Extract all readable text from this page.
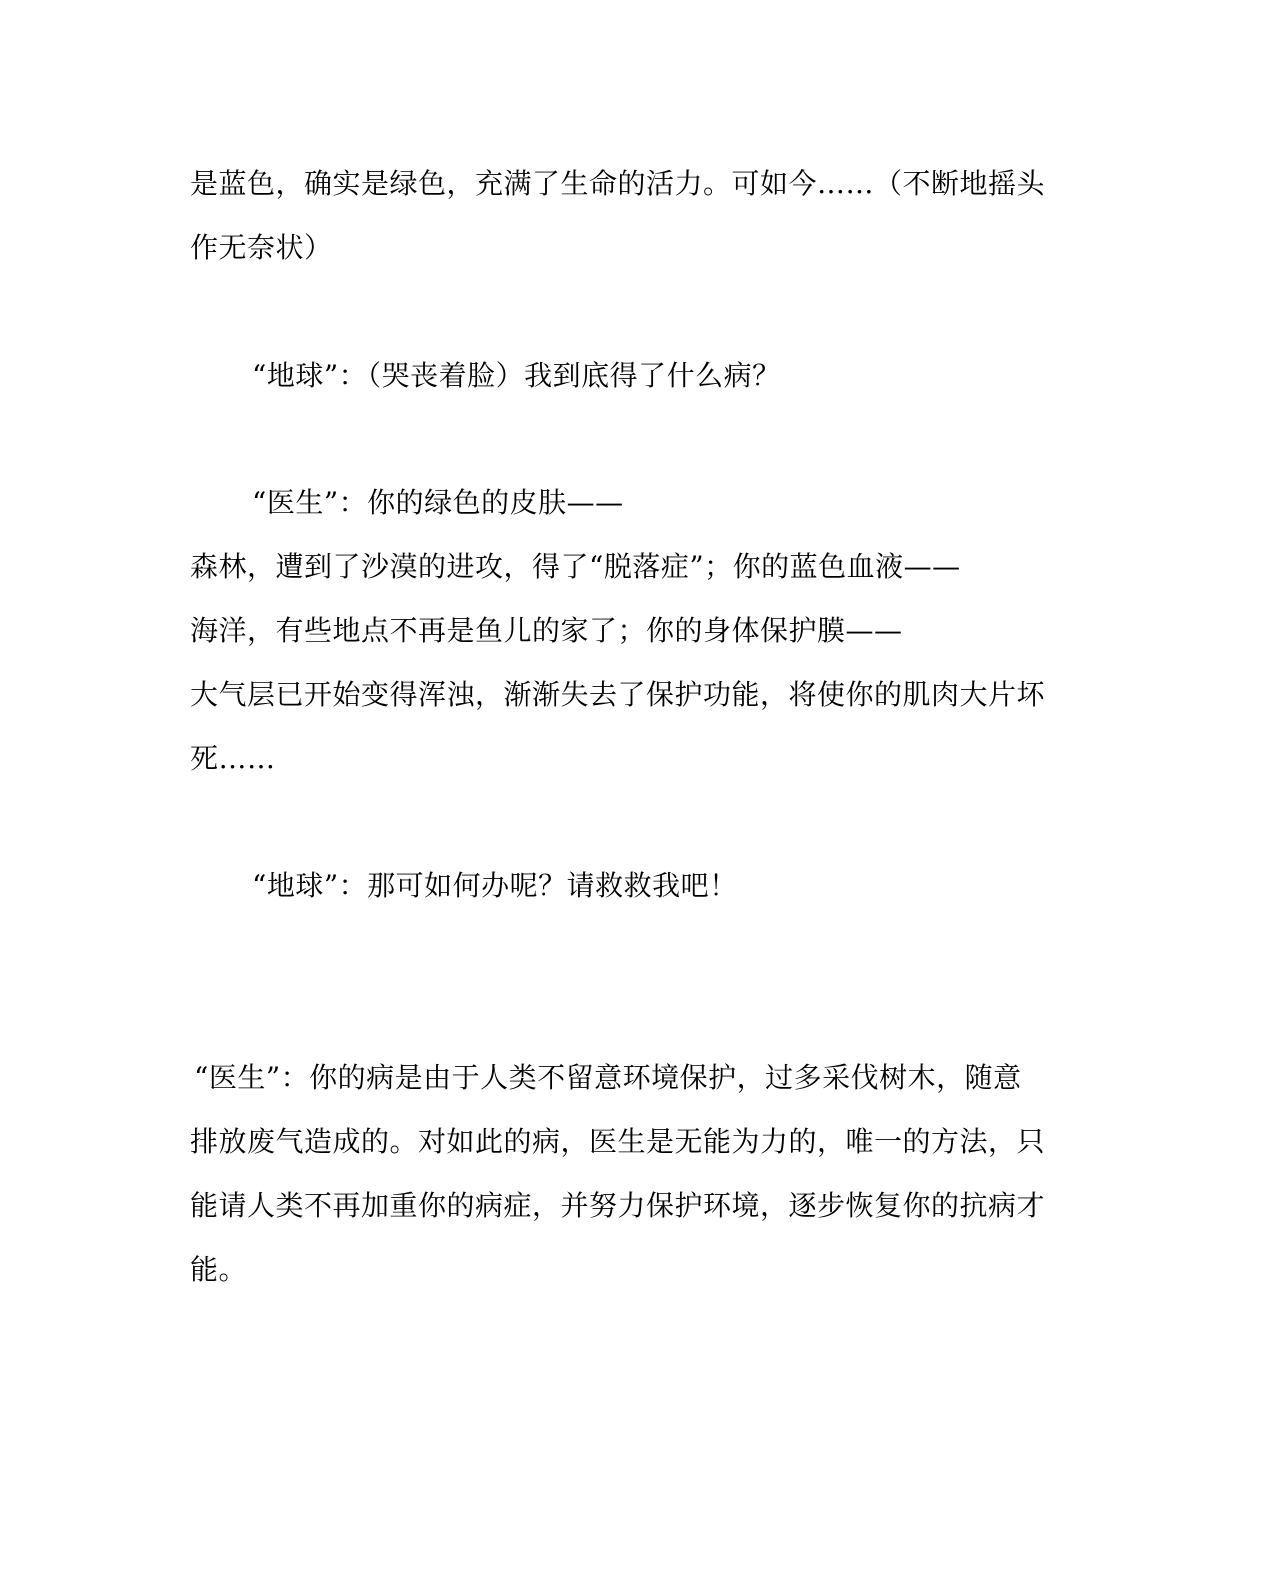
是蓝色，确实是绿色，充满了生命的活力。可如今……（不断地摇头
作无奈状）
“地球”：（哭丧着脸）我到底得了什么病？
“医生”：你的绿色的皮肤——
森林，遭到了沙漠的进攻，得了“脱落症”；你的蓝色血液——
海洋，有些地点不再是鱼儿的家了；你的身体保护膜——
大气层已开始变得浑浊，渐渐失去了保护功能，将使你的肌肉大片坏
死……
“地球”：那可如何办呢？请救救我吧！
“医生”：你的病是由于人类不留意环境保护，过多采伐树木，随意
排放废气造成的。对如此的病，医生是无能为力的，唯一的方法，只
能请人类不再加重你的病症，并努力保护环境，逐步恢复你的抗病才
能。
